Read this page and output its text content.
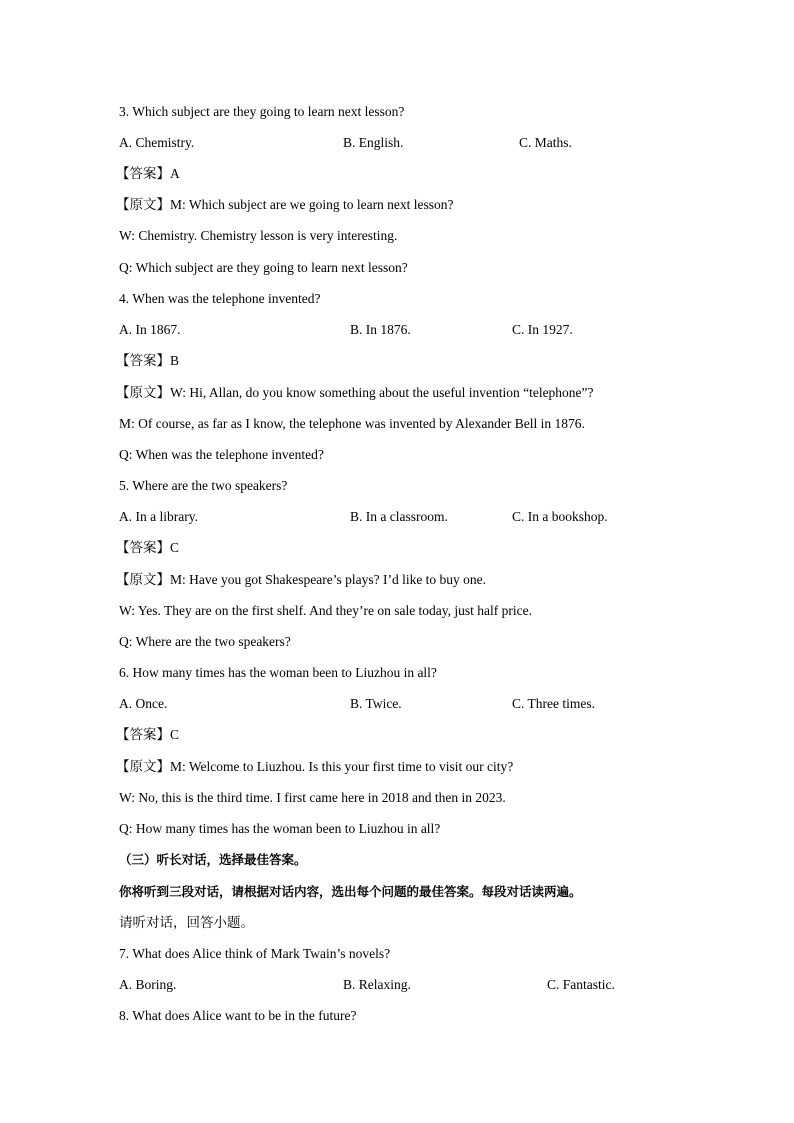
3. Which subject are they going to learn next lesson?
A. Chemistry.	B. English.	C. Maths.
【答案】A
【原文】M: Which subject are we going to learn next lesson?
W: Chemistry. Chemistry lesson is very interesting.
Q: Which subject are they going to learn next lesson?
4. When was the telephone invented?
A. In 1867.	B. In 1876.	C. In 1927.
【答案】B
【原文】W: Hi, Allan, do you know something about the useful invention “telephone”?
M: Of course, as far as I know, the telephone was invented by Alexander Bell in 1876.
Q: When was the telephone invented?
5. Where are the two speakers?
A. In a library.	B. In a classroom.	C. In a bookshop.
【答案】C
【原文】M: Have you got Shakespeare’s plays? I’d like to buy one.
W: Yes. They are on the first shelf. And they’re on sale today, just half price.
Q: Where are the two speakers?
6. How many times has the woman been to Liuzhou in all?
A. Once.	B. Twice.	C. Three times.
【答案】C
【原文】M: Welcome to Liuzhou. Is this your first time to visit our city?
W: No, this is the third time. I first came here in 2018 and then in 2023.
Q: How many times has the woman been to Liuzhou in all?
（三）听长对话，选择最佳答案。
你将听到三段对话，请根据对话内容，选出每个问题的最佳答案。每段对话读两遍。
请听对话，回答小题。
7. What does Alice think of Mark Twain’s novels?
A. Boring.	B. Relaxing.	C. Fantastic.
8. What does Alice want to be in the future?
